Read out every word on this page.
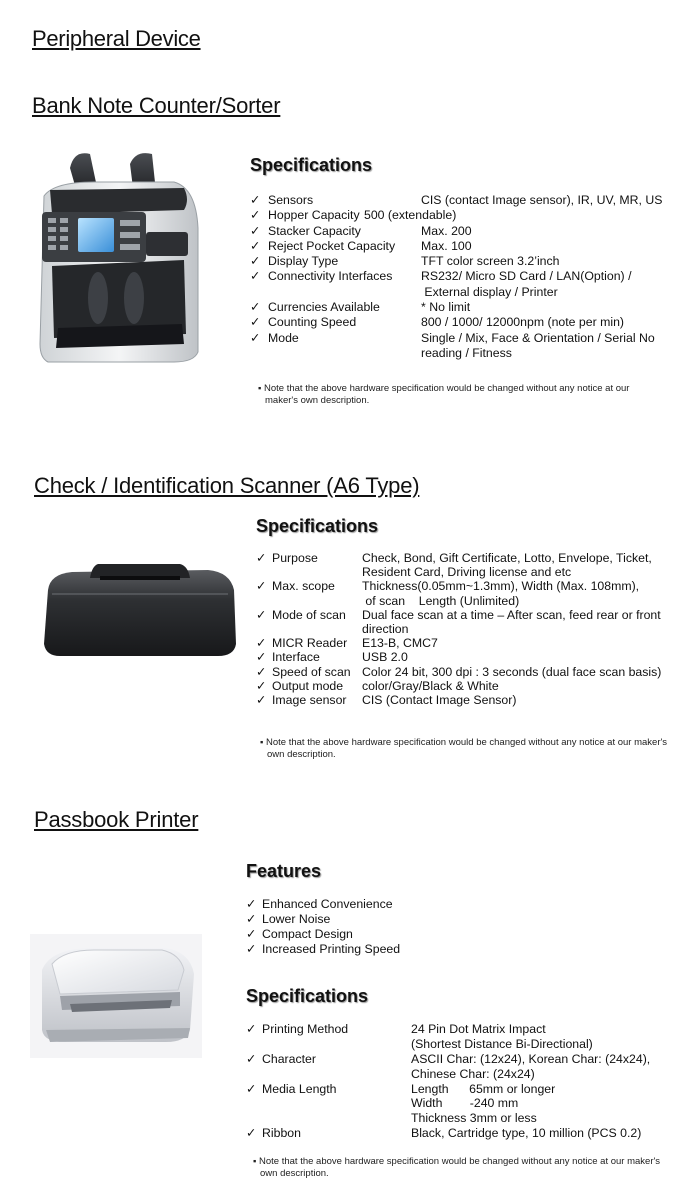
Peripheral Device
Bank Note Counter/Sorter
Specifications
✓ Sensors	CIS (contact Image sensor), IR, UV, MR, US
✓ Hopper Capacity 500 (extendable)
✓ Stacker Capacity	Max. 200
✓ Reject Pocket Capacity Max. 100
✓ Display Type	TFT color screen 3.2’inch
✓ Connectivity Interfaces RS232/ Micro SD Card / LAN(Option) /
External display / Printer
✓ Currencies Available	* No limit
✓ Counting Speed	800 / 1000/ 12000npm (note per min)
✓ Mode	Single / Mix, Face & Orientation / Serial No
reading / Fitness
▪ Note that the above hardware specification would be changed without any notice at our
maker's own description.
Check / Identification Scanner (A6 Type)
Specifications
✓ Purpose	Check, Bond, Gift Certificate, Lotto, Envelope, Ticket,
Resident Card, Driving license and etc
✓ Max. scope Thickness(0.05mm~1.3mm), Width (Max. 108mm),
of scan    Length (Unlimited)
✓ Mode of scan Dual face scan at a time – After scan, feed rear or front
direction
✓ MICR Reader E13-B, CMC7
✓ Interface	USB 2.0
✓ Speed of scan Color 24 bit, 300 dpi : 3 seconds (dual face scan basis)
✓ Output mode color/Gray/Black & White
✓ Image sensor CIS (Contact Image Sensor)
▪ Note that the above hardware specification would be changed without any notice at our maker's
own description.
Passbook Printer
Features
✓ Enhanced Convenience
✓ Lower Noise
✓ Compact Design
✓ Increased Printing Speed
Specifications
✓ Printing Method	24 Pin Dot Matrix Impact
(Shortest Distance Bi-Directional)
✓ Character	ASCII Char: (12x24), Korean Char: (24x24),
Chinese Char: (24x24)
✓ Media Length	Length      65mm or longer
Width        -240 mm
Thickness 3mm or less
✓ Ribbon	Black, Cartridge type, 10 million (PCS 0.2)
▪ Note that the above hardware specification would be changed without any notice at our maker's
own description.
